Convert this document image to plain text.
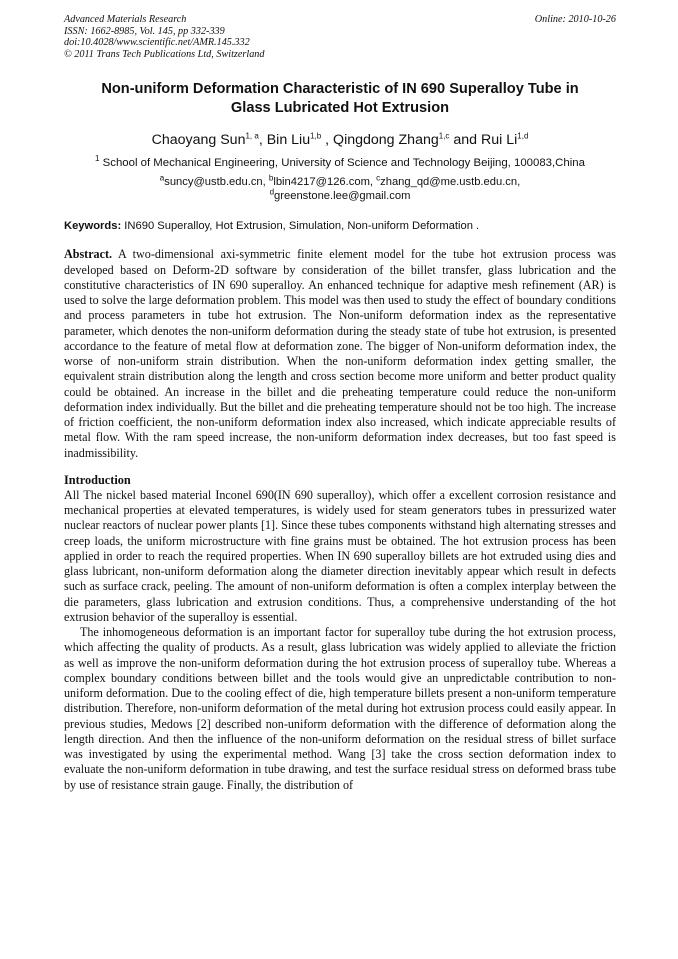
Advanced Materials Research
ISSN: 1662-8985, Vol. 145, pp 332-339
doi:10.4028/www.scientific.net/AMR.145.332
© 2011 Trans Tech Publications Ltd, Switzerland
Online: 2010-10-26
Non-uniform Deformation Characteristic of IN 690 Superalloy Tube in
Glass Lubricated Hot Extrusion
Chaoyang Sun$^{1, a}$, Bin Liu$^{1,b}$ , Qingdong Zhang$^{1,c}$ and Rui Li$^{1,d}$
$^1$ School of Mechanical Engineering, University of Science and Technology Beijing, 100083,China
$^a$suncy@ustb.edu.cn, $^b$lbin4217@126.com, $^c$zhang_qd@me.ustb.edu.cn,
$^d$greenstone.lee@gmail.com
Keywords: IN690 Superalloy, Hot Extrusion, Simulation, Non-uniform Deformation .
Abstract. A two-dimensional axi-symmetric finite element model for the tube hot extrusion process was developed based on Deform-2D software by consideration of the billet transfer, glass lubrication and the constitutive characteristics of IN 690 superalloy. An enhanced technique for adaptive mesh refinement (AR) is used to solve the large deformation problem. This model was then used to study the effect of boundary conditions and process parameters in tube hot extrusion. The Non-uniform deformation index as the representative parameter, which denotes the non-uniform deformation during the steady state of tube hot extrusion, is presented accordance to the feature of metal flow at deformation zone. The bigger of Non-uniform deformation index, the worse of non-uniform strain distribution. When the non-uniform deformation index getting smaller, the equivalent strain distribution along the length and cross section become more uniform and better product quality could be obtained. An increase in the billet and die preheating temperature could reduce the non-uniform deformation index individually. But the billet and die preheating temperature should not be too high. The increase of friction coefficient, the non-uniform deformation index also increased, which indicate appreciable results of metal flow. With the ram speed increase, the non-uniform deformation index decreases, but too fast speed is inadmissibility.
Introduction
All The nickel based material Inconel 690(IN 690 superalloy), which offer a excellent corrosion resistance and mechanical properties at elevated temperatures, is widely used for steam generators tubes in pressurized water nuclear reactors of nuclear power plants [1]. Since these tubes components withstand high alternating stresses and creep loads, the uniform microstructure with fine grains must be obtained. The hot extrusion process has been applied in order to reach the required properties. When IN 690 superalloy billets are hot extruded using dies and glass lubricant, non-uniform deformation along the diameter direction inevitably appear which result in defects such as surface crack, peeling. The amount of non-uniform deformation is often a complex interplay between the die parameters, glass lubrication and extrusion conditions. Thus, a comprehensive understanding of the hot extrusion behavior of the superalloy is essential.
The inhomogeneous deformation is an important factor for superalloy tube during the hot extrusion process, which affecting the quality of products. As a result, glass lubrication was widely applied to alleviate the friction as well as improve the non-uniform deformation during the hot extrusion process of superalloy tube. Whereas a complex boundary conditions between billet and the tools would give an unpredictable contribution to non-uniform deformation. Due to the cooling effect of die, high temperature billets present a non-uniform temperature distribution. Therefore, non-uniform deformation of the metal during hot extrusion process could easily appear. In previous studies, Medows [2] described non-uniform deformation with the difference of deformation along the length direction. And then the influence of the non-uniform deformation on the residual stress of billet surface was investigated by using the experimental method. Wang [3] take the cross section deformation index to evaluate the non-uniform deformation in tube drawing, and test the surface residual stress on deformed brass tube by use of resistance strain gauge. Finally, the distribution of
